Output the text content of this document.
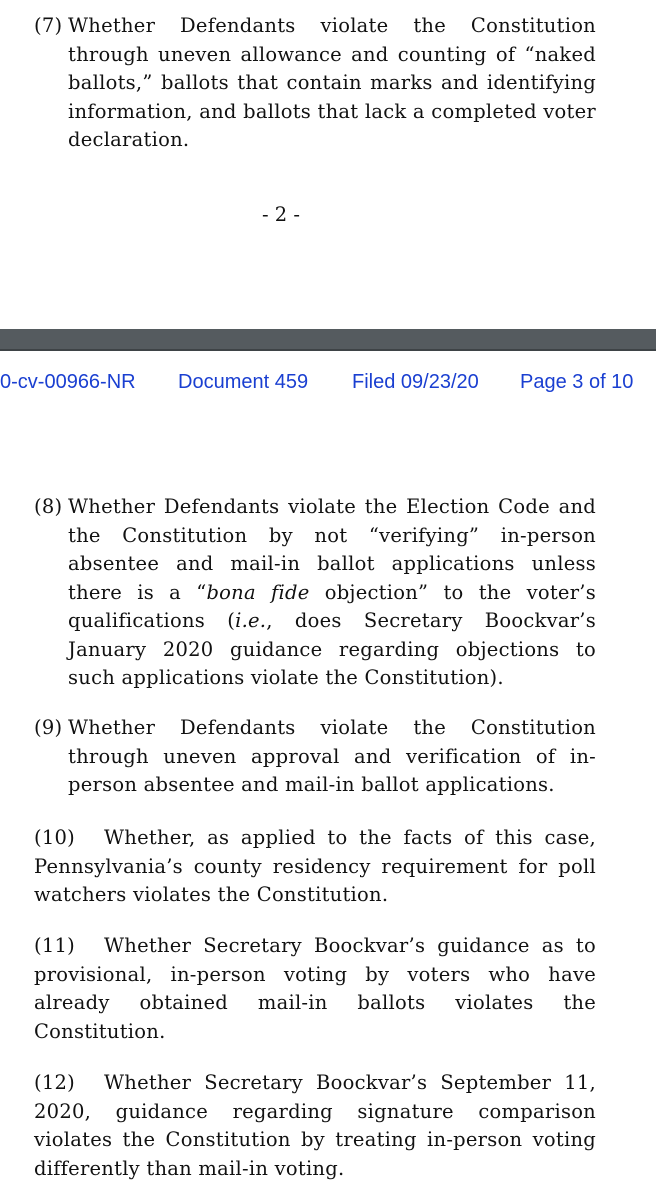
(7) Whether Defendants violate the Constitution through uneven allowance and counting of “naked ballots,” ballots that contain marks and identifying information, and ballots that lack a completed voter declaration.
- 2 -
0-cv-00966-NR Document 459 Filed 09/23/20 Page 3 of 10
(8) Whether Defendants violate the Election Code and the Constitution by not “verifying” in-person absentee and mail-in ballot applications unless there is a “bona fide objection” to the voter’s qualifications (i.e., does Secretary Boockvar’s January 2020 guidance regarding objections to such applications violate the Constitution).
(9) Whether Defendants violate the Constitution through uneven approval and verification of in-person absentee and mail-in ballot applications.
(10)	Whether, as applied to the facts of this case, Pennsylvania’s county residency requirement for poll watchers violates the Constitution.
(11)	Whether Secretary Boockvar’s guidance as to provisional, in-person voting by voters who have already obtained mail-in ballots violates the Constitution.
(12)	Whether Secretary Boockvar’s September 11, 2020, guidance regarding signature comparison violates the Constitution by treating in-person voting differently than mail-in voting.
